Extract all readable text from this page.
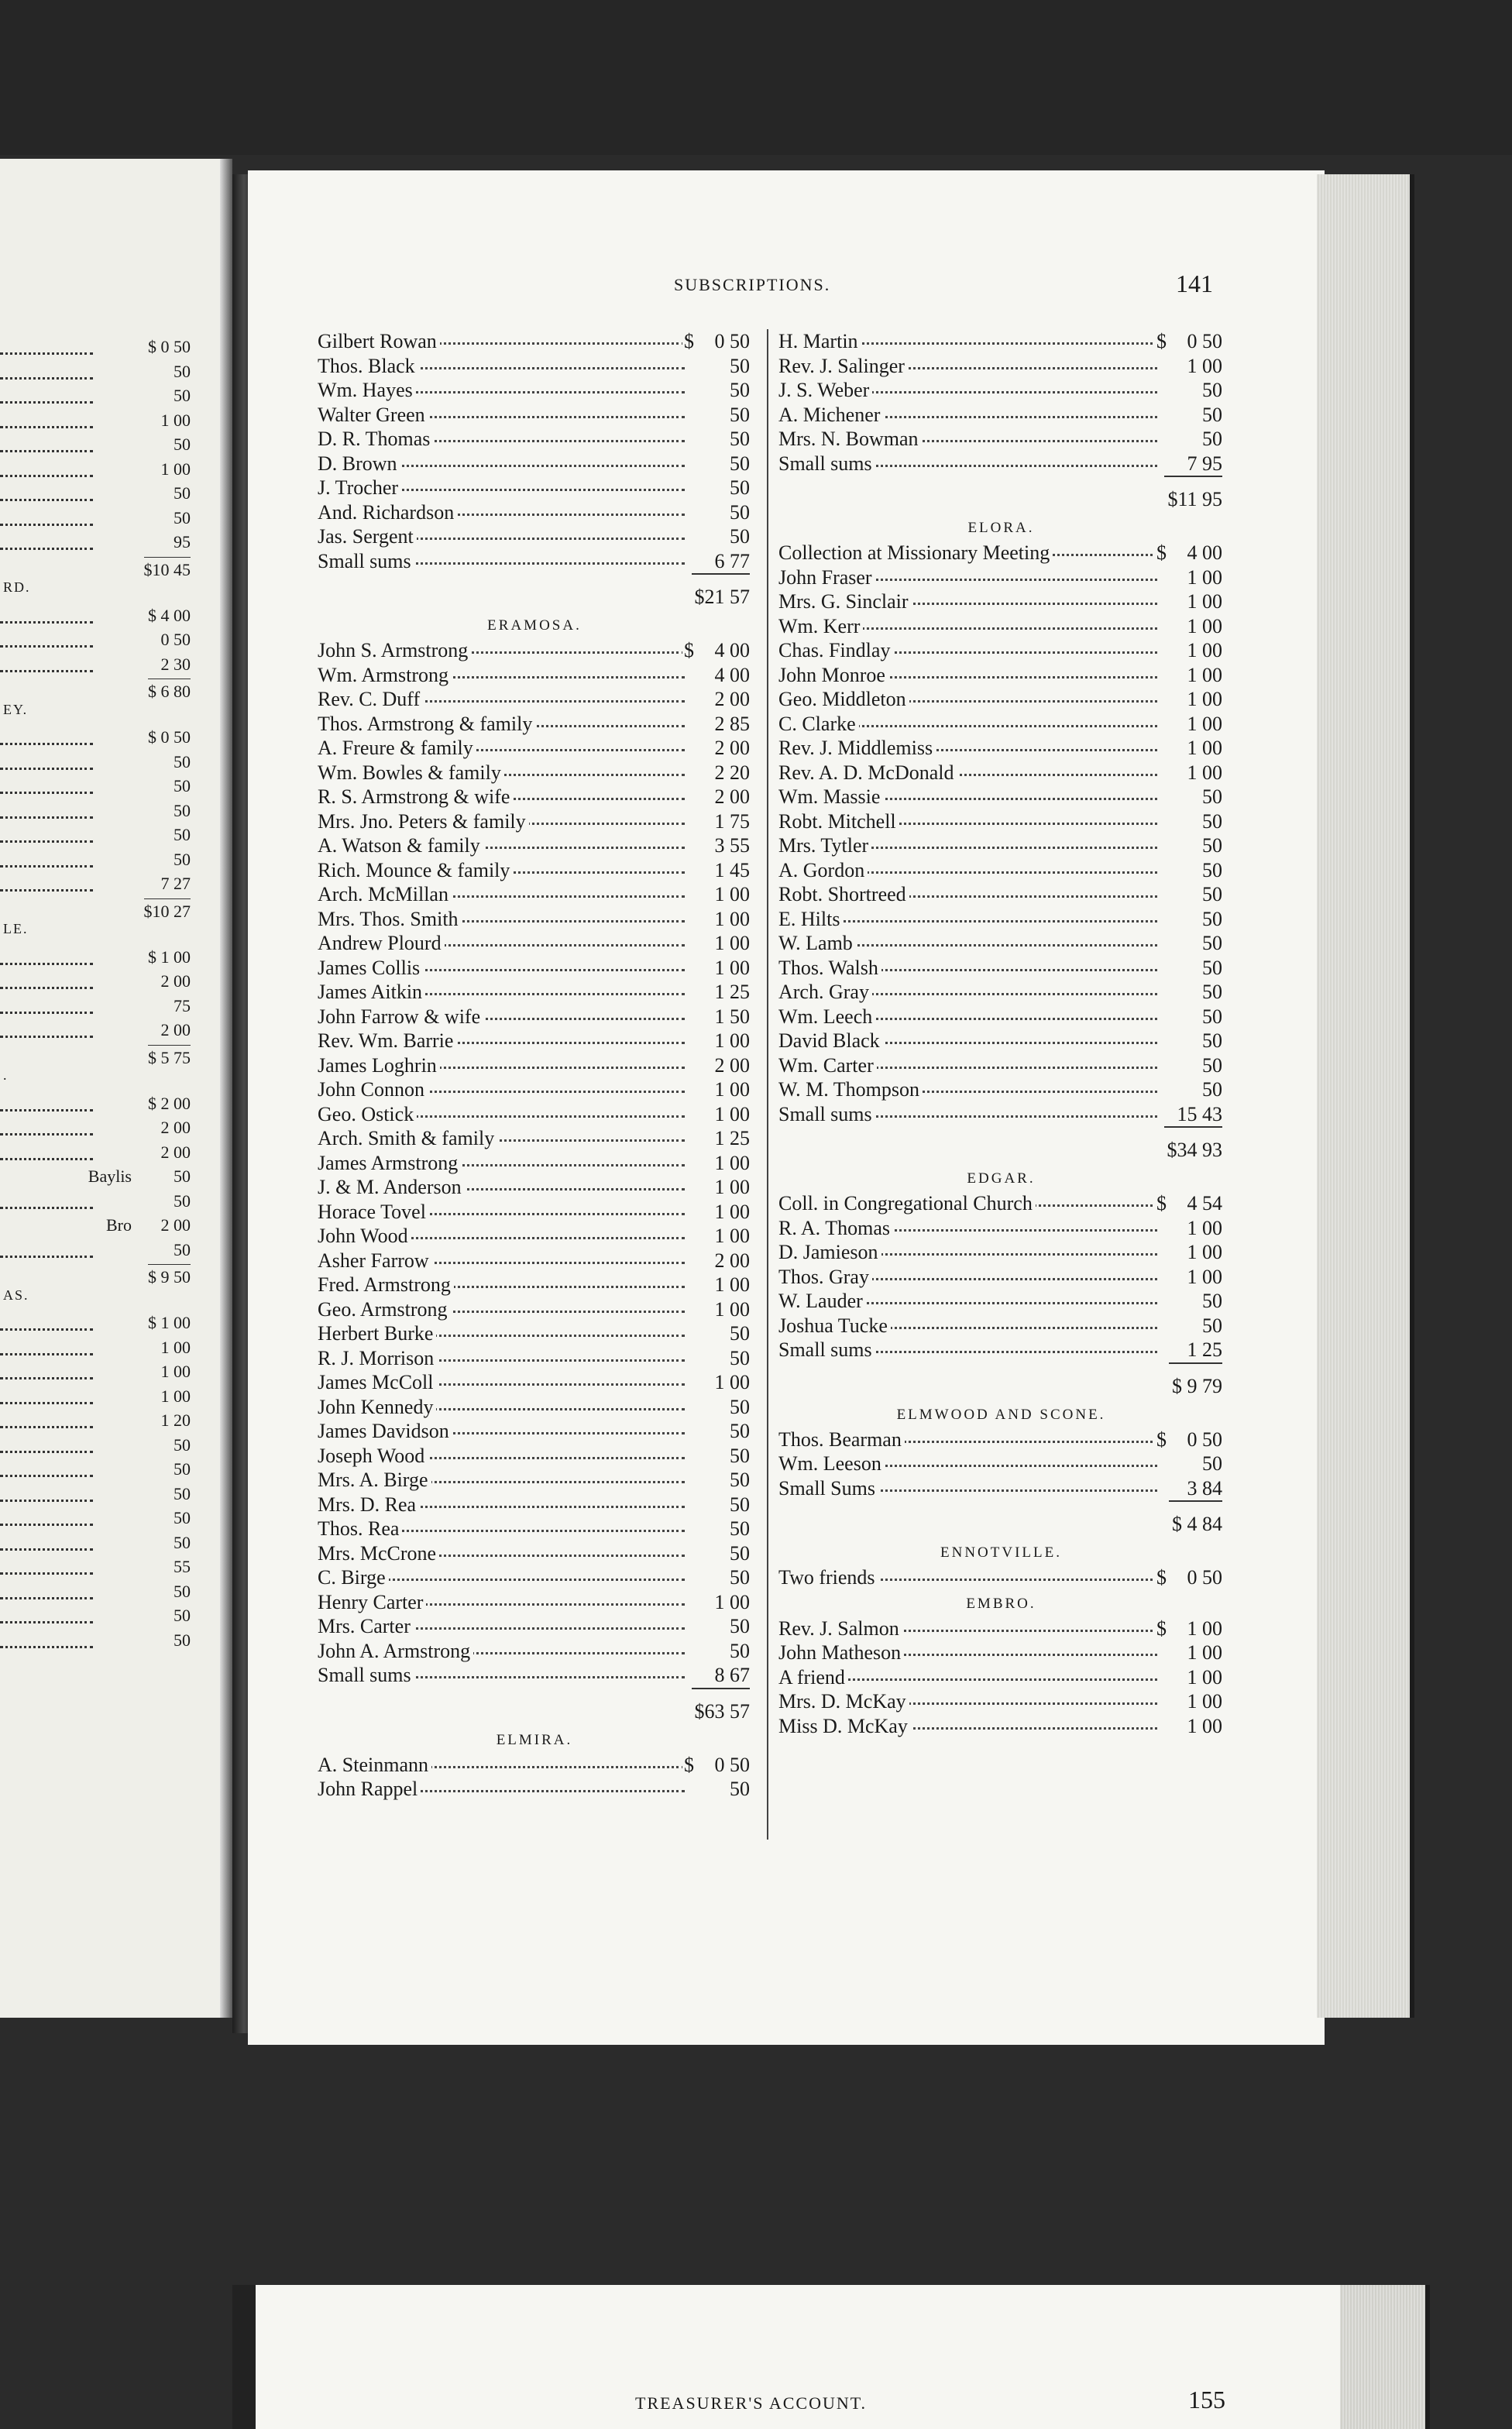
$ 0 50
50
50
1 00
50
1 00
50
50
95
$10 45
RD.
$ 4 00
0 50
2 30
$ 6 80
EY.
$ 0 50
50
50
50
50
50
7 27
$10 27
LE.
$ 1 00
2 00
75
2 00
$ 5 75
.
$ 2 00
2 00
2 00
Baylis 50
50
Bro 2 00
50
$ 9 50
AS.
$ 1 00
1 00
1 00
1 00
1 20
50
50
50
50
50
55
50
50
50
SUBSCRIPTIONS.	141
Gilbert Rowan	$	0 50
Thos. Black	50
Wm. Hayes	50
Walter Green	50
D. R. Thomas	50
D. Brown	50
J. Trocher	50
And. Richardson	50
Jas. Sergent	50
Small sums	6 77
$21 57
ERAMOSA.
John S. Armstrong	$	4 00
Wm. Armstrong	4 00
Rev. C. Duff	2 00
Thos. Armstrong & family	2 85
A. Freure & family	2 00
Wm. Bowles & family	2 20
R. S. Armstrong & wife	2 00
Mrs. Jno. Peters & family	1 75
A. Watson & family	3 55
Rich. Mounce & family	1 45
Arch. McMillan	1 00
Mrs. Thos. Smith	1 00
Andrew Plourd	1 00
James Collis	1 00
James Aitkin	1 25
John Farrow & wife	1 50
Rev. Wm. Barrie	1 00
James Loghrin	2 00
John Connon	1 00
Geo. Ostick	1 00
Arch. Smith & family	1 25
James Armstrong	1 00
J. & M. Anderson	1 00
Horace Tovel	1 00
John Wood	1 00
Asher Farrow	2 00
Fred. Armstrong	1 00
Geo. Armstrong	1 00
Herbert Burke	50
R. J. Morrison	50
James McColl	1 00
John Kennedy	50
James Davidson	50
Joseph Wood	50
Mrs. A. Birge	50
Mrs. D. Rea	50
Thos. Rea	50
Mrs. McCrone	50
C. Birge	50
Henry Carter	1 00
Mrs. Carter	50
John A. Armstrong	50
Small sums	8 67
$63 57
ELMIRA.
A. Steinmann	$	0 50
John Rappel	50
H. Martin	$	0 50
Rev. J. Salinger	1 00
J. S. Weber	50
A. Michener	50
Mrs. N. Bowman	50
Small sums	7 95
$11 95
ELORA.
Collection at Missionary Meeting	$	4 00
John Fraser	1 00
Mrs. G. Sinclair	1 00
Wm. Kerr	1 00
Chas. Findlay	1 00
John Monroe	1 00
Geo. Middleton	1 00
C. Clarke	1 00
Rev. J. Middlemiss	1 00
Rev. A. D. McDonald	1 00
Wm. Massie	50
Robt. Mitchell	50
Mrs. Tytler	50
A. Gordon	50
Robt. Shortreed	50
E. Hilts	50
W. Lamb	50
Thos. Walsh	50
Arch. Gray	50
Wm. Leech	50
David Black	50
Wm. Carter	50
W. M. Thompson	50
Small sums	15 43
$34 93
EDGAR.
Coll. in Congregational Church	$	4 54
R. A. Thomas	1 00
D. Jamieson	1 00
Thos. Gray	1 00
W. Lauder	50
Joshua Tucke	50
Small sums	1 25
$ 9 79
ELMWOOD AND SCONE.
Thos. Bearman	$	0 50
Wm. Leeson	50
Small Sums	3 84
$ 4 84
ENNOTVILLE.
Two friends	$	0 50
EMBRO.
Rev. J. Salmon	$	1 00
John Matheson	1 00
A friend	1 00
Mrs. D. McKay	1 00
Miss D. McKay	1 00
TREASURER'S ACCOUNT.	155
